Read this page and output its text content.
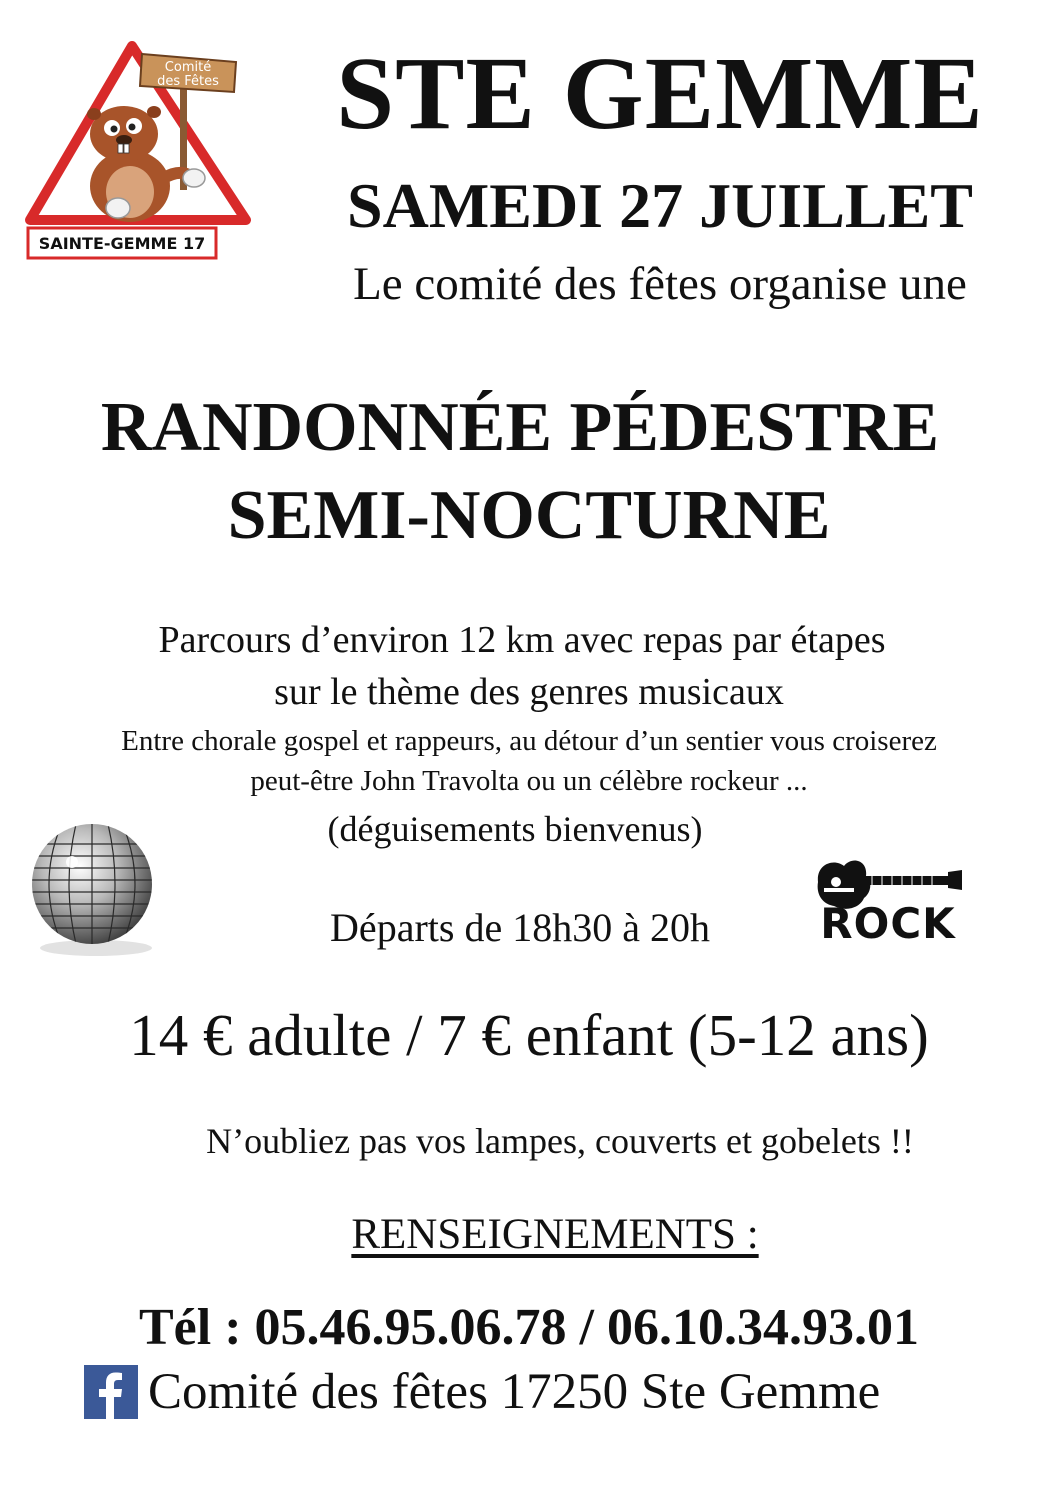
Comité
des Fêtes
SAINTE-GEMME 17
STE GEMME
SAMEDI 27 JUILLET
Le comité des fêtes organise une
RANDONNÉE PÉDESTRE
SEMI-NOCTURNE
Parcours d’environ 12 km avec repas par étapes
sur le thème des genres musicaux
Entre chorale gospel et rappeurs, au détour d’un sentier vous croiserez
peut-être John Travolta ou un célèbre rockeur ...
(déguisements bienvenus)
Départs de 18h30 à 20h	ROCK
14 € adulte / 7 € enfant (5-12 ans)
N’oubliez pas vos lampes, couverts et gobelets !!
RENSEIGNEMENTS :
Tél : 05.46.95.06.78 / 06.10.34.93.01
Comité des fêtes 17250 Ste Gemme
